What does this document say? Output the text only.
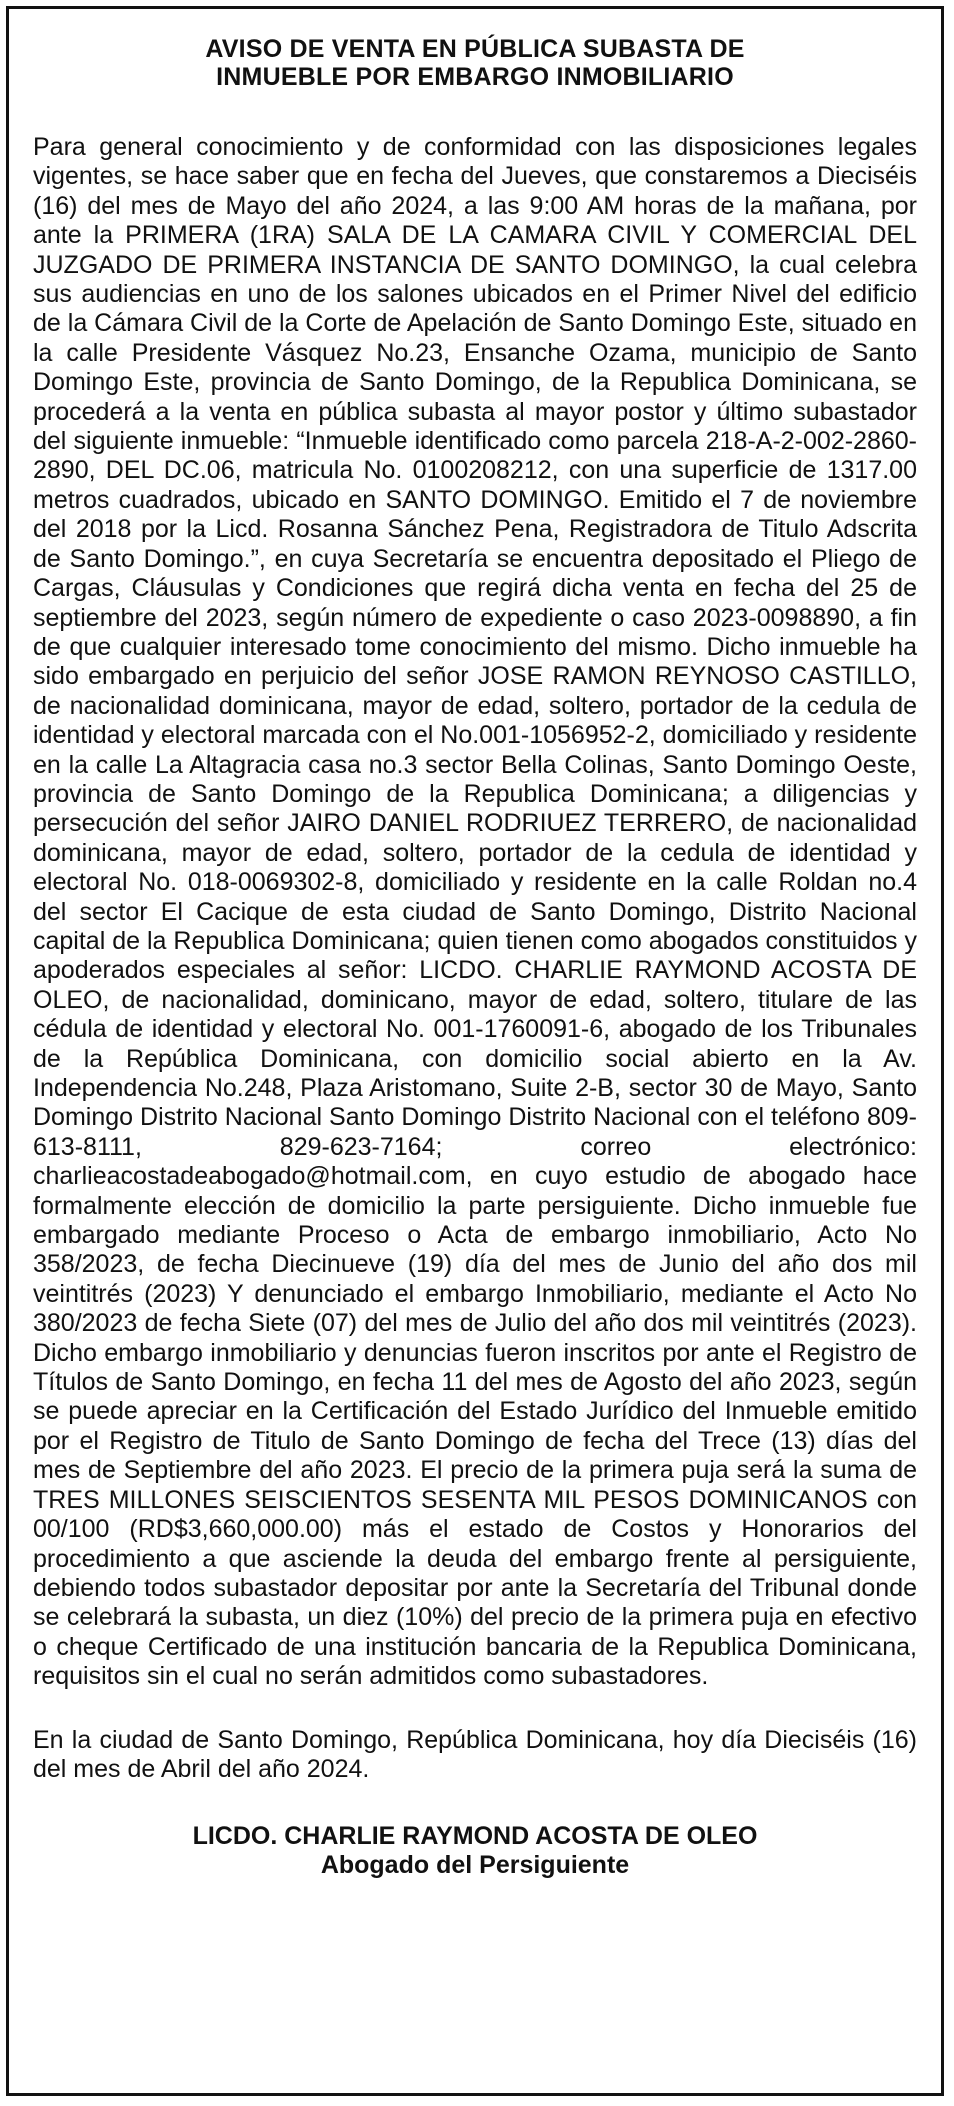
AVISO DE VENTA EN PÚBLICA SUBASTA DE
INMUEBLE POR EMBARGO INMOBILIARIO

Para general conocimiento y de conformidad con las disposiciones legales vigentes, se hace saber que en fecha del Jueves, que constaremos a Dieciséis (16) del mes de Mayo del año 2024, a las 9:00 AM horas de la mañana, por ante la PRIMERA (1RA) SALA DE LA CAMARA CIVIL Y COMERCIAL DEL JUZGADO DE PRIMERA INSTANCIA DE SANTO DOMINGO, la cual celebra sus audiencias en uno de los salones ubicados en el Primer Nivel del edificio de la Cámara Civil de la Corte de Apelación de Santo Domingo Este, situado en la calle Presidente Vásquez No.23, Ensanche Ozama, municipio de Santo Domingo Este, provincia de Santo Domingo, de la Republica Dominicana, se procederá a la venta en pública subasta al mayor postor y último subastador del siguiente inmueble: “Inmueble identificado como parcela 218-A-2-002-2860-2890, DEL DC.06, matricula No. 0100208212, con una superficie de 1317.00 metros cuadrados, ubicado en SANTO DOMINGO. Emitido el 7 de noviembre del 2018 por la Licd. Rosanna Sánchez Pena, Registradora de Titulo Adscrita de Santo Domingo.”, en cuya Secretaría se encuentra depositado el Pliego de Cargas, Cláusulas y Condiciones que regirá dicha venta en fecha del 25 de septiembre del 2023, según número de expediente o caso 2023-0098890, a fin de que cualquier interesado tome conocimiento del mismo. Dicho inmueble ha sido embargado en perjuicio del señor JOSE RAMON REYNOSO CASTILLO, de nacionalidad dominicana, mayor de edad, soltero, portador de la cedula de identidad y electoral marcada con el No.001-1056952-2, domiciliado y residente en la calle La Altagracia casa no.3 sector Bella Colinas, Santo Domingo Oeste, provincia de Santo Domingo de la Republica Dominicana; a diligencias y persecución del señor JAIRO DANIEL RODRIUEZ TERRERO, de nacionalidad dominicana, mayor de edad, soltero, portador de la cedula de identidad y electoral No. 018-0069302-8, domiciliado y residente en la calle Roldan no.4 del sector El Cacique de esta ciudad de Santo Domingo, Distrito Nacional capital de la Republica Dominicana; quien tienen como abogados constituidos y apoderados especiales al señor: LICDO. CHARLIE RAYMOND ACOSTA DE OLEO, de nacionalidad, dominicano, mayor de edad, soltero, titulare de las cédula de identidad y electoral No. 001-1760091-6, abogado de los Tribunales de la República Dominicana, con domicilio social abierto en la Av. Independencia No.248, Plaza Aristomano, Suite 2-B, sector 30 de Mayo, Santo Domingo Distrito Nacional Santo Domingo Distrito Nacional con el teléfono 809-613-8111, 829-623-7164; correo electrónico: charlieacostadeabogado@hotmail.com, en cuyo estudio de abogado hace formalmente elección de domicilio la parte persiguiente. Dicho inmueble fue embargado mediante Proceso o Acta de embargo inmobiliario, Acto No 358/2023, de fecha Diecinueve (19) día del mes de Junio del año dos mil veintitrés (2023) Y denunciado el embargo Inmobiliario, mediante el Acto No 380/2023 de fecha Siete (07) del mes de Julio del año dos mil veintitrés (2023). Dicho embargo inmobiliario y denuncias fueron inscritos por ante el Registro de Títulos de Santo Domingo, en fecha 11 del mes de Agosto del año 2023, según se puede apreciar en la Certificación del Estado Jurídico del Inmueble emitido por el Registro de Titulo de Santo Domingo de fecha del Trece (13) días del mes de Septiembre del año 2023. El precio de la primera puja será la suma de TRES MILLONES SEISCIENTOS SESENTA MIL PESOS DOMINICANOS con 00/100 (RD$3,660,000.00) más el estado de Costos y Honorarios del procedimiento a que asciende la deuda del embargo frente al persiguiente, debiendo todos subastador depositar por ante la Secretaría del Tribunal donde se celebrará la subasta, un diez (10%) del precio de la primera puja en efectivo o cheque Certificado de una institución bancaria de la Republica Dominicana, requisitos sin el cual no serán admitidos como subastadores.

En la ciudad de Santo Domingo, República Dominicana, hoy día Dieciséis (16) del mes de Abril del año 2024.

LICDO. CHARLIE RAYMOND ACOSTA DE OLEO
Abogado del Persiguiente
